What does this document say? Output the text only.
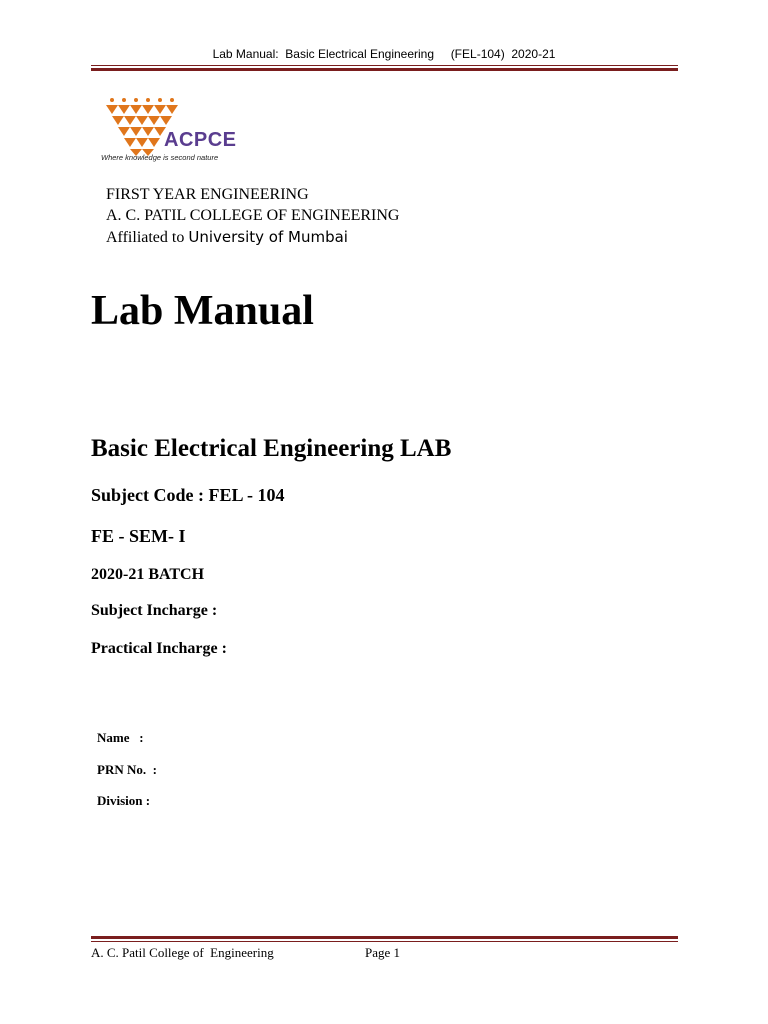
Lab Manual:  Basic Electrical Engineering     (FEL-104)  2020-21
ACPCE
Where knowledge is second nature
FIRST YEAR ENGINEERING
A. C. PATIL COLLEGE OF ENGINEERING
Affiliated to University of Mumbai
Lab Manual
Basic Electrical Engineering LAB
Subject Code : FEL - 104
FE - SEM- I
2020-21 BATCH
Subject Incharge :
Practical Incharge :
Name   :
PRN No.  :
Division :
A. C. Patil College of  Engineering	Page 1
